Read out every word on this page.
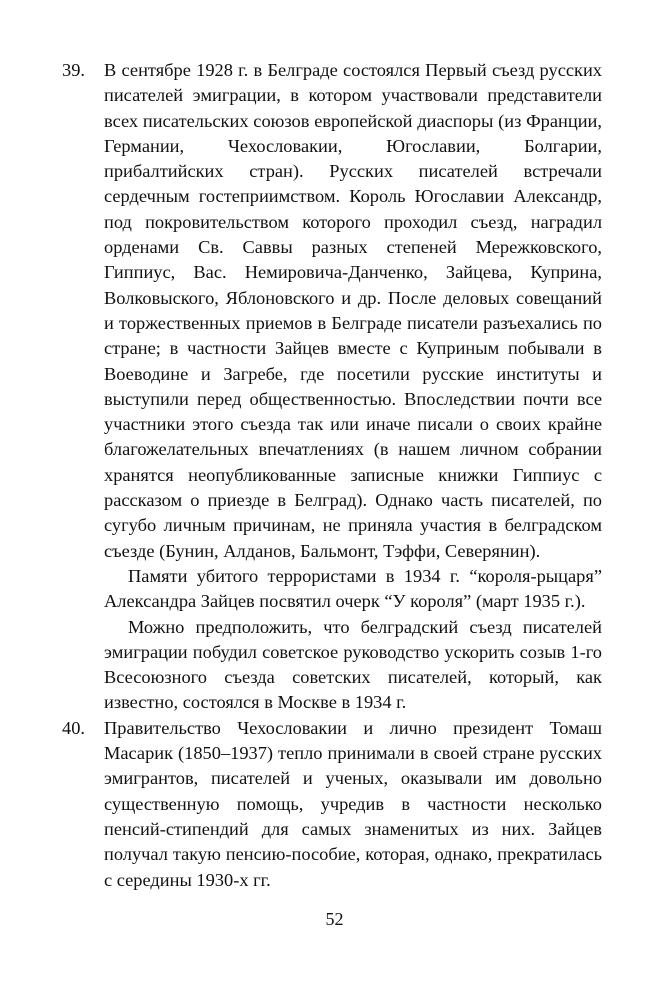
39.	В сентябре 1928 г. в Белграде состоялся Первый съезд русских писателей эмиграции, в котором участвовали представители всех писательских союзов европейской диаспоры (из Франции, Германии, Чехословакии, Югославии, Болгарии, прибалтийских стран). Русских писателей встречали сердечным гостеприимством. Король Югославии Александр, под покровительством которого проходил съезд, наградил орденами Св. Саввы разных степеней Мережковского, Гиппиус, Вас. Немировича-Данченко, Зайцева, Куприна, Волковыского, Яблоновского и др. После деловых совещаний и торжественных приемов в Белграде писатели разъехались по стране; в частности Зайцев вместе с Куприным побывали в Воеводине и Загребе, где посетили русские институты и выступили перед общественностью. Впоследствии почти все участники этого съезда так или иначе писали о своих крайне благожелательных впечатлениях (в нашем личном собрании хранятся неопубликованные записные книжки Гиппиус с рассказом о приезде в Белград). Однако часть писателей, по сугубо личным причинам, не приняла участия в белградском съезде (Бунин, Алданов, Бальмонт, Тэффи, Северянин).

Памяти убитого террористами в 1934 г. “короля-рыцаря” Александра Зайцев посвятил очерк “У короля” (март 1935 г.).

Можно предположить, что белградский съезд писателей эмиграции побудил советское руководство ускорить созыв 1-го Всесоюзного съезда советских писателей, который, как известно, состоялся в Москве в 1934 г.

40.	Правительство Чехословакии и лично президент Томаш Масарик (1850–1937) тепло принимали в своей стране русских эмигрантов, писателей и ученых, оказывали им довольно существенную помощь, учредив в частности несколько пенсий-стипендий для самых знаменитых из них. Зайцев получал такую пенсию-пособие, которая, однако, прекратилась с середины 1930-х гг.

52
